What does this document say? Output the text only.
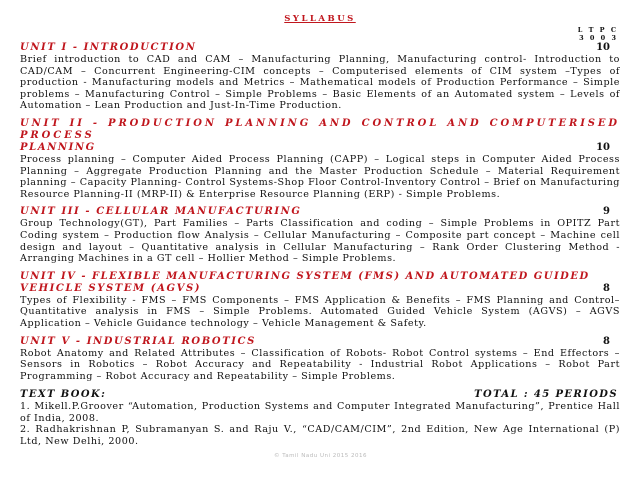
SYLLABUS
L T P C
3 0 0 3
UNIT I - INTRODUCTION	10

Brief introduction to CAD and CAM – Manufacturing Planning, Manufacturing control- Introduction to CAD/CAM – Concurrent Engineering-CIM concepts – Computerised elements of CIM system –Types of production - Manufacturing models and Metrics – Mathematical models of Production Performance – Simple problems – Manufacturing Control – Simple Problems – Basic Elements of an Automated system – Levels of Automation – Lean Production and Just-In-Time Production.

UNIT II - PRODUCTION PLANNING AND CONTROL AND COMPUTERISED PROCESS
PLANNING	10

Process planning – Computer Aided Process Planning (CAPP) – Logical steps in Computer Aided Process Planning – Aggregate Production Planning and the Master Production Schedule – Material Requirement planning – Capacity Planning- Control Systems-Shop Floor Control-Inventory Control – Brief on Manufacturing Resource Planning-II (MRP-II) & Enterprise Resource Planning (ERP) - Simple Problems.

UNIT III - CELLULAR MANUFACTURING	9

Group Technology(GT), Part Families – Parts Classification and coding – Simple Problems in OPITZ Part Coding system – Production flow Analysis – Cellular Manufacturing – Composite part concept – Machine cell design and layout – Quantitative analysis in Cellular Manufacturing – Rank Order Clustering Method - Arranging Machines in a GT cell – Hollier Method – Simple Problems.

UNIT IV - FLEXIBLE MANUFACTURING SYSTEM (FMS) AND AUTOMATED GUIDED
VEHICLE SYSTEM (AGVS)	8

Types of Flexibility - FMS – FMS Components – FMS Application & Benefits – FMS Planning and Control– Quantitative analysis in FMS – Simple Problems. Automated Guided Vehicle System (AGVS) – AGVS Application – Vehicle Guidance technology – Vehicle Management & Safety.

UNIT V - INDUSTRIAL ROBOTICS	8

Robot Anatomy and Related Attributes – Classification of Robots- Robot Control systems – End Effectors – Sensors in Robotics – Robot Accuracy and Repeatability - Industrial Robot Applications – Robot Part Programming – Robot Accuracy and Repeatability – Simple Problems.

TEXT BOOK:	TOTAL : 45 PERIODS

1. Mikell.P.Groover “Automation, Production Systems and Computer Integrated Manufacturing”, Prentice Hall of India, 2008.

2. Radhakrishnan P, Subramanyan S. and Raju V., “CAD/CAM/CIM”, 2nd Edition, New Age International (P) Ltd, New Delhi, 2000.

© Tamil Nadu Uni 2015 2016
